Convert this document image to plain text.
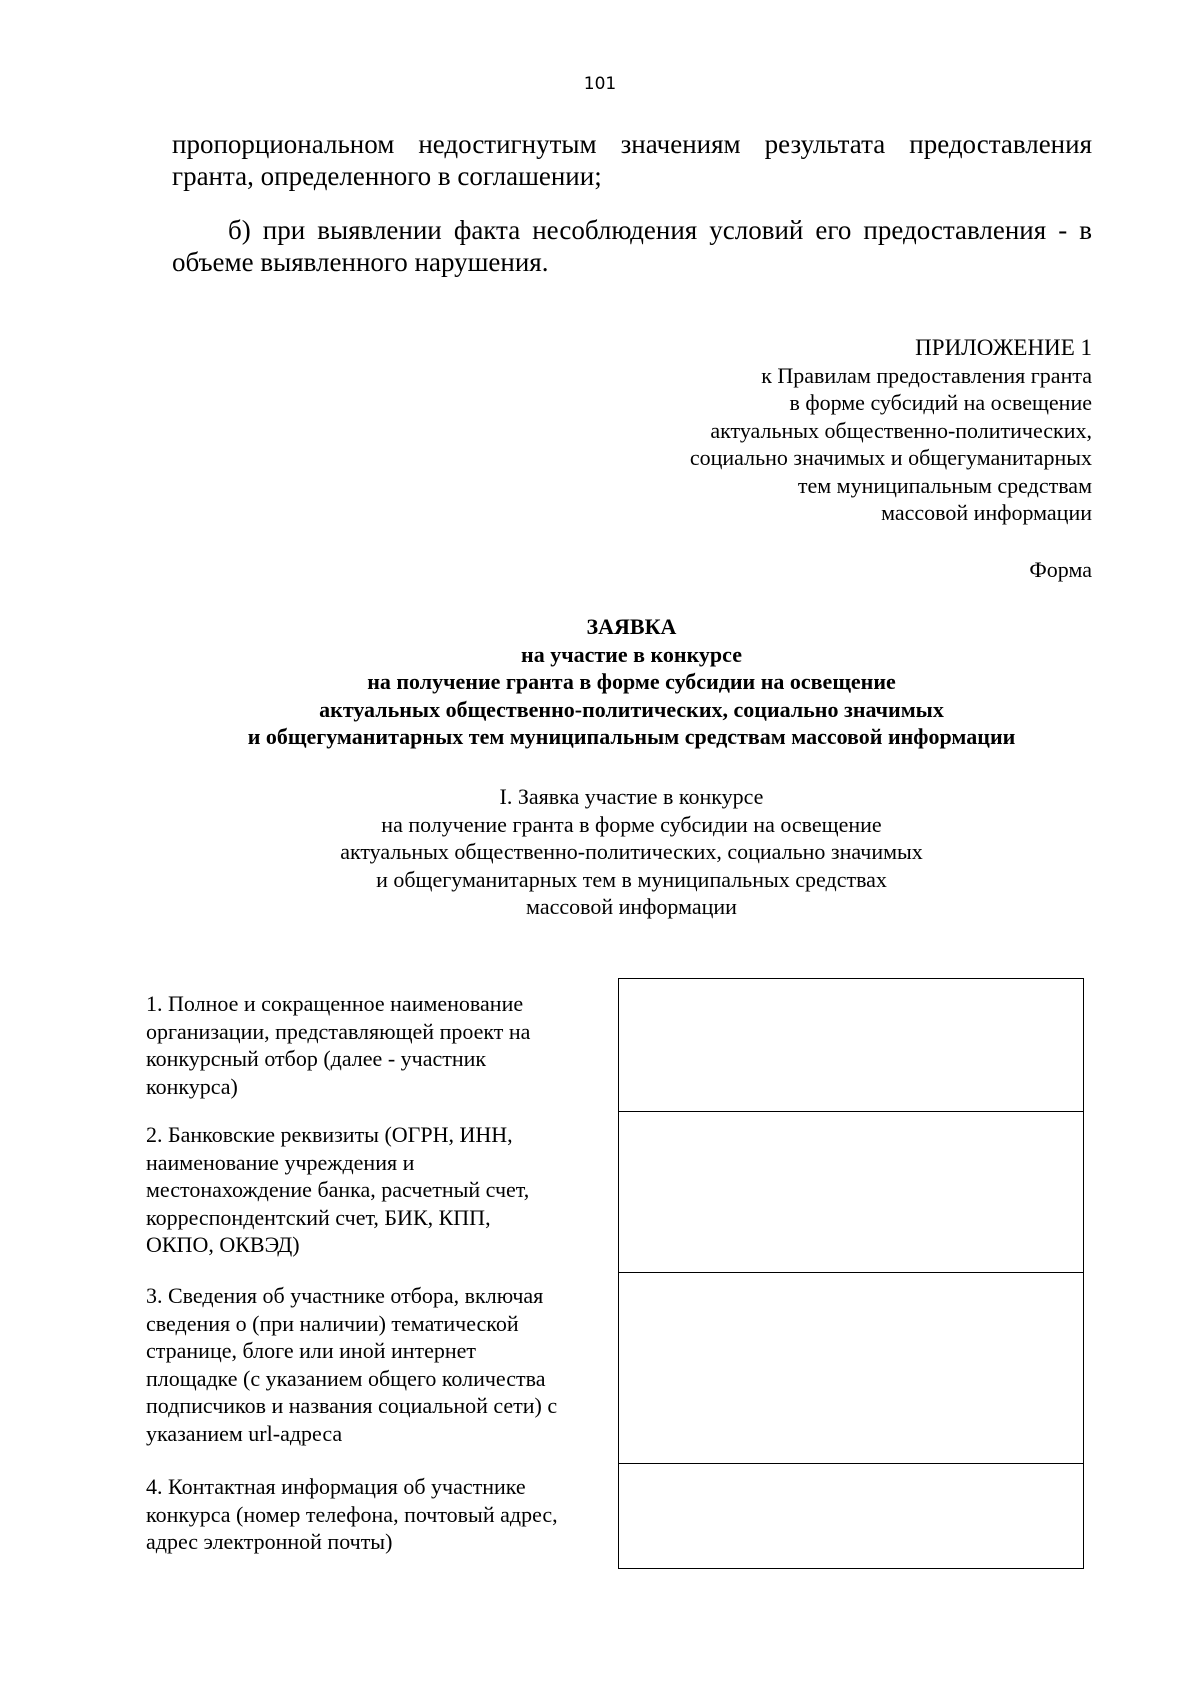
101
пропорциональном недостигнутым значениям результата предоставления
гранта, определенного в соглашении;
б) при выявлении факта несоблюдения условий его предоставления - в
объеме выявленного нарушения.
ПРИЛОЖЕНИЕ 1
к Правилам предоставления гранта
в форме субсидий на освещение
актуальных общественно-политических,
социально значимых и общегуманитарных
тем муниципальным средствам
массовой информации
Форма
ЗАЯВКА
на участие в конкурсе
на получение гранта в форме субсидии на освещение
актуальных общественно-политических, социально значимых
и общегуманитарных тем муниципальным средствам массовой информации
I. Заявка участие в конкурсе
на получение гранта в форме субсидии на освещение
актуальных общественно-политических, социально значимых
и общегуманитарных тем в муниципальных средствах
массовой информации
1. Полное и сокращенное наименование
организации, представляющей проект на
конкурсный отбор (далее - участник
конкурса)
2. Банковские реквизиты (ОГРН, ИНН,
наименование учреждения и
местонахождение банка, расчетный счет,
корреспондентский счет, БИК, КПП,
ОКПО, ОКВЭД)
3. Сведения об участнике отбора, включая
сведения о (при наличии) тематической
странице, блоге или иной интернет
площадке (с указанием общего количества
подписчиков и названия социальной сети) с
указанием url-адреса
4. Контактная информация об участнике
конкурса (номер телефона, почтовый адрес,
адрес электронной почты)
